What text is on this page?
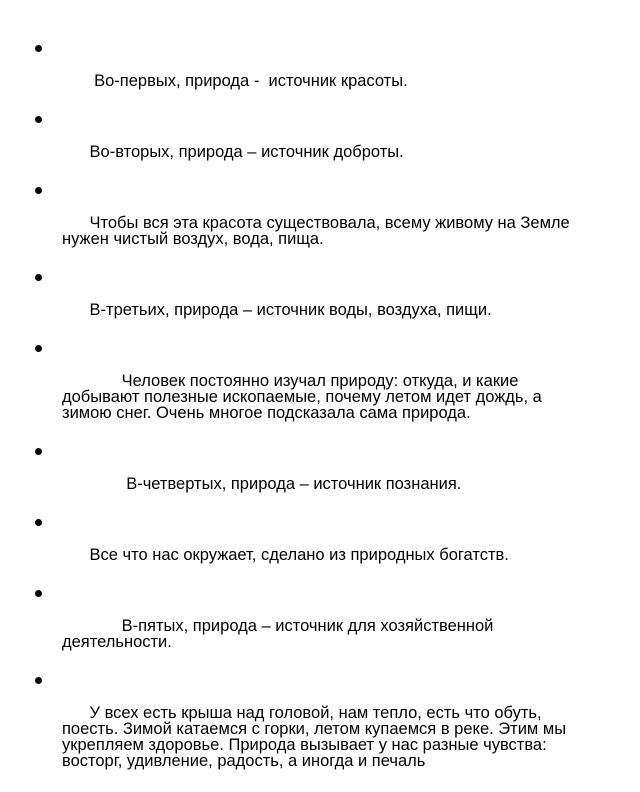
Во-первых, природа -  источник красоты.

Во-вторых, природа – источник доброты.

Чтобы вся эта красота существовала, всему живому на Земле нужен чистый воздух, вода, пища.

В-третьих, природа – источник воды, воздуха, пищи.

Человек постоянно изучал природу: откуда, и какие добывают полезные ископаемые, почему летом идет дождь, а зимою снег. Очень многое подсказала сама природа.

В-четвертых, природа – источник познания.

Все что нас окружает, сделано из природных богатств.

В-пятых, природа – источник для хозяйственной деятельности.

У всех есть крыша над головой, нам тепло, есть что обуть, поесть. Зимой катаемся с горки, летом купаемся в реке. Этим мы укрепляем здоровье. Природа вызывает у нас разные чувства: восторг, удивление, радость, а иногда и печаль
